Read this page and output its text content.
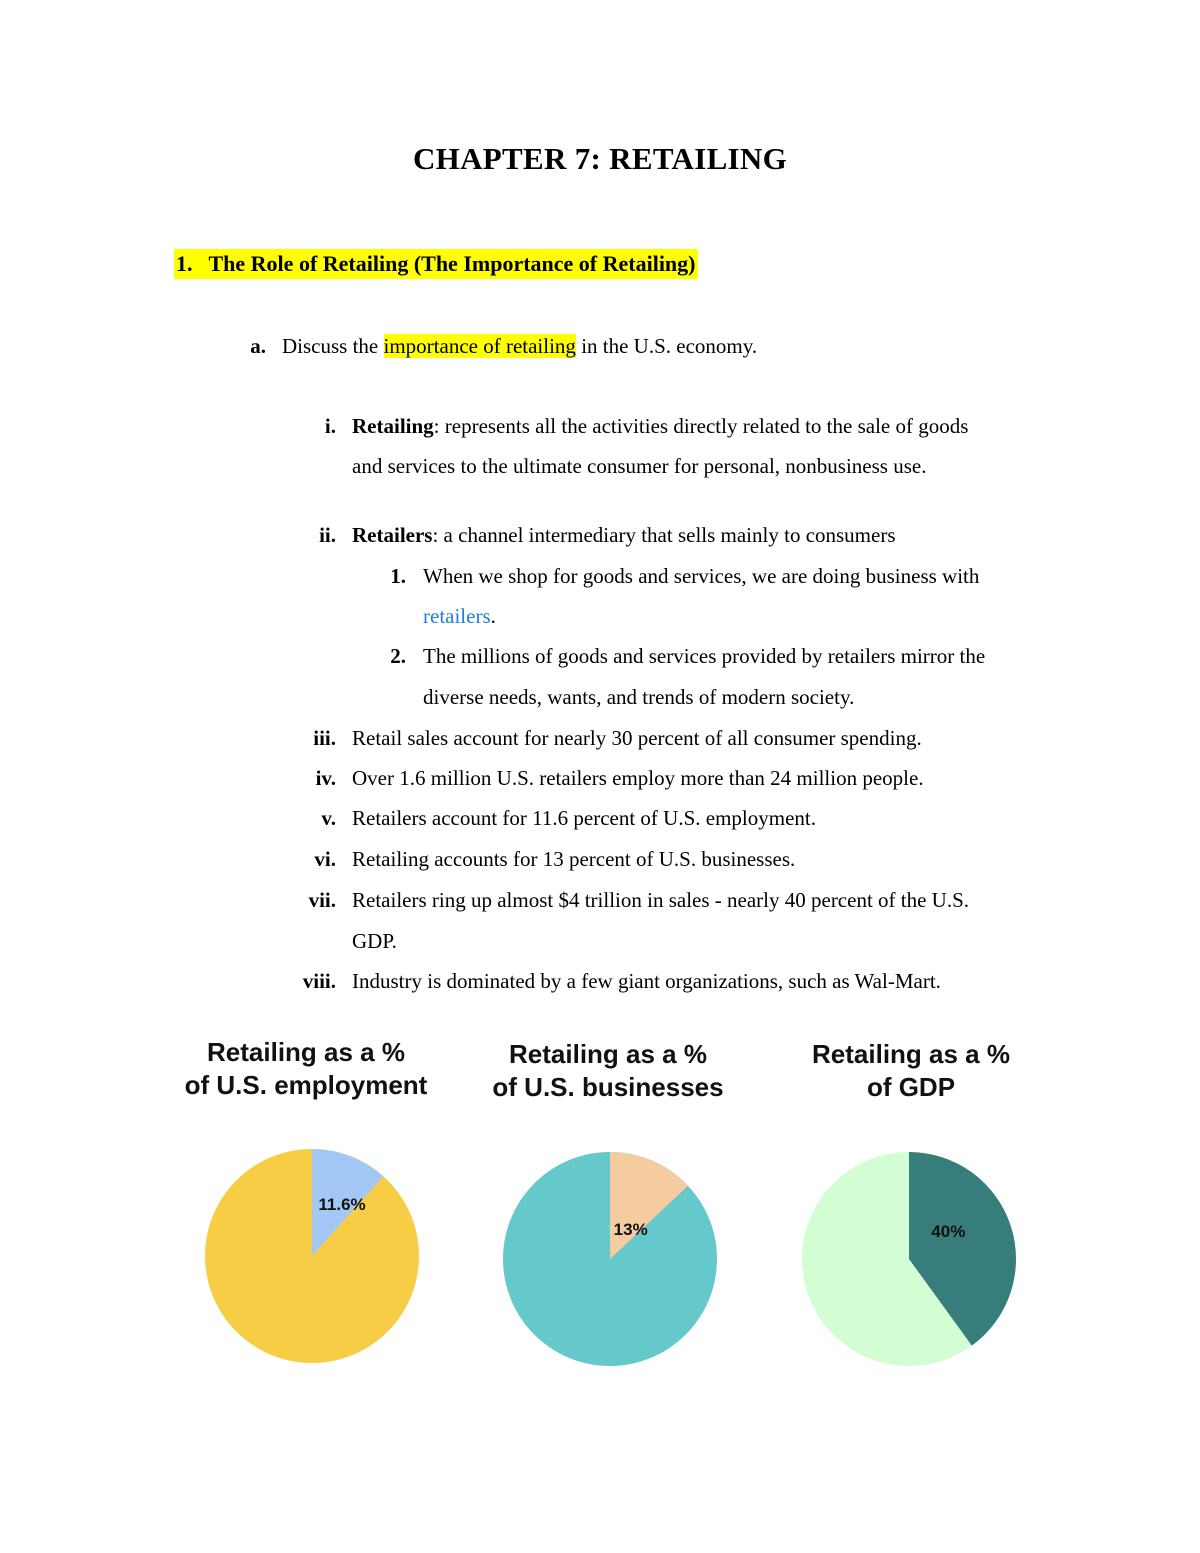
CHAPTER 7: RETAILING
1. The Role of Retailing (The Importance of Retailing)
a. Discuss the importance of retailing in the U.S. economy.
i. Retailing: represents all the activities directly related to the sale of goods
and services to the ultimate consumer for personal, nonbusiness use.
ii. Retailers: a channel intermediary that sells mainly to consumers
1. When we shop for goods and services, we are doing business with
retailers.
2. The millions of goods and services provided by retailers mirror the
diverse needs, wants, and trends of modern society.
iii. Retail sales account for nearly 30 percent of all consumer spending.
iv. Over 1.6 million U.S. retailers employ more than 24 million people.
v. Retailers account for 11.6 percent of U.S. employment.
vi. Retailing accounts for 13 percent of U.S. businesses.
vii. Retailers ring up almost $4 trillion in sales - nearly 40 percent of the U.S.
GDP.
viii. Industry is dominated by a few giant organizations, such as Wal-Mart.
Retailing as a %
of U.S. employment
Retailing as a %
of U.S. businesses
Retailing as a %
of GDP
11.6%
13%	40%
